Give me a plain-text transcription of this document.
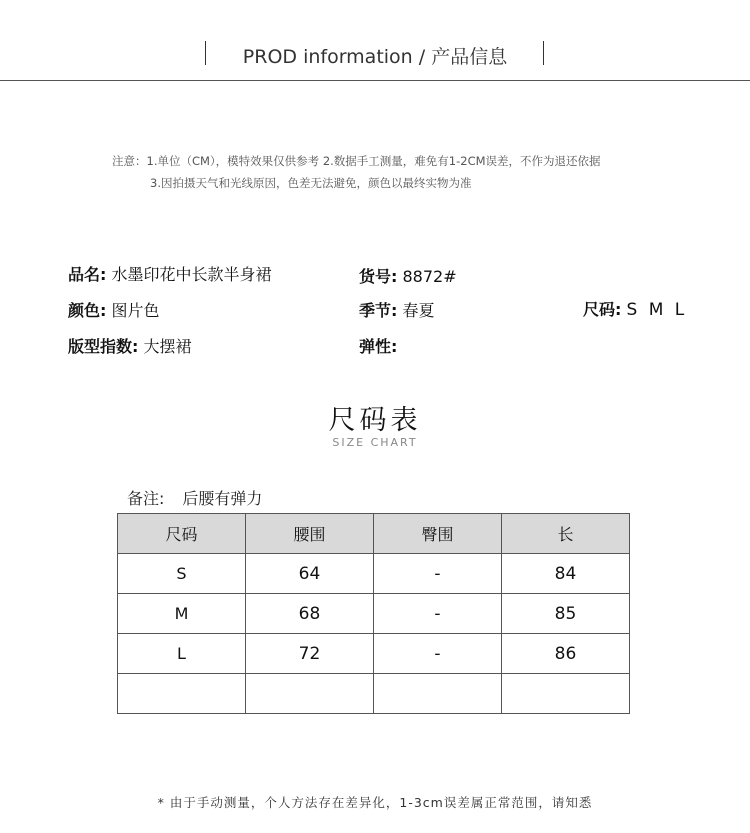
PROD information / 产品信息
注意：1.单位（CM），模特效果仅供参考 2.数据手工测量，难免有1-2CM误差，不作为退还依据
3.因拍摄天气和光线原因，色差无法避免，颜色以最终实物为准
品名: 水墨印花中长款半身裙	货号: 8872#
颜色: 图片色	季节: 春夏	尺码: S M L
版型指数: 大摆裙	弹性:
尺码表
SIZE CHART
备注: 后腰有弹力
尺码	腰围	臀围	长
S	64	-	84
M	68	-	85
L	72	-	86

* 由于手动测量，个人方法存在差异化，1-3cm误差属正常范围，请知悉
